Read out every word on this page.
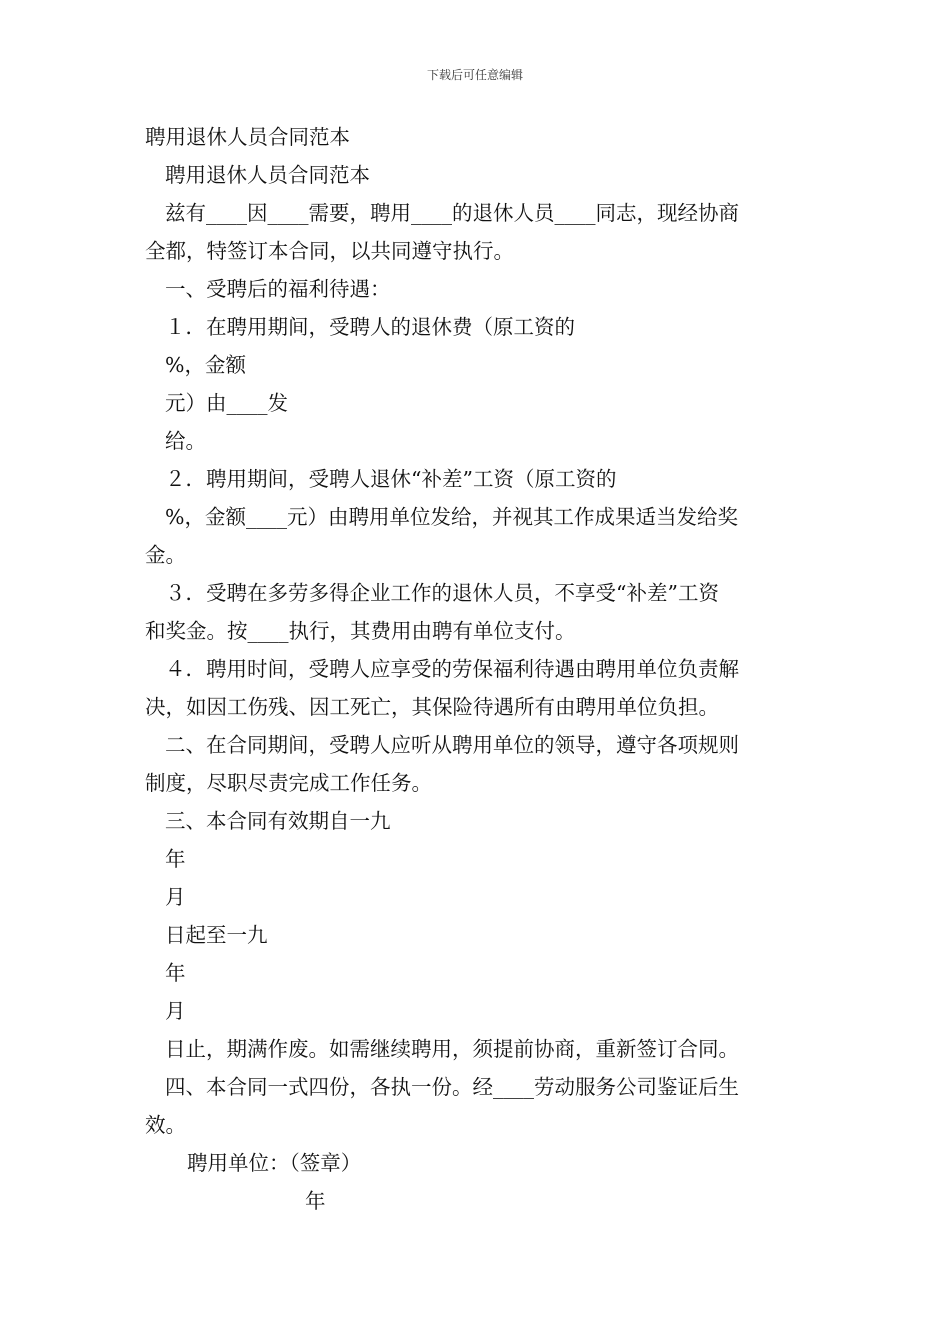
下载后可任意编辑

聘用退休人员合同范本

聘用退休人员合同范本

兹有____因____需要，聘用____的退休人员____同志，现经协商

全都，特签订本合同，以共同遵守执行。

一、受聘后的福利待遇：

１．在聘用期间，受聘人的退休费（原工资的

%，金额

元）由____发

给。

２．聘用期间，受聘人退休“补差”工资（原工资的

%，金额____元）由聘用单位发给，并视其工作成果适当发给奖

金。

３．受聘在多劳多得企业工作的退休人员，不享受“补差”工资

和奖金。按____执行，其费用由聘有单位支付。

４．聘用时间，受聘人应享受的劳保福利待遇由聘用单位负责解

决，如因工伤残、因工死亡，其保险待遇所有由聘用单位负担。

二、在合同期间，受聘人应听从聘用单位的领导，遵守各项规则

制度，尽职尽责完成工作任务。

三、本合同有效期自一九

年

月

日起至一九

年

月

日止，期满作废。如需继续聘用，须提前协商，重新签订合同。

四、本合同一式四份，各执一份。经____劳动服务公司鉴证后生

效。

聘用单位：（签章）

年
